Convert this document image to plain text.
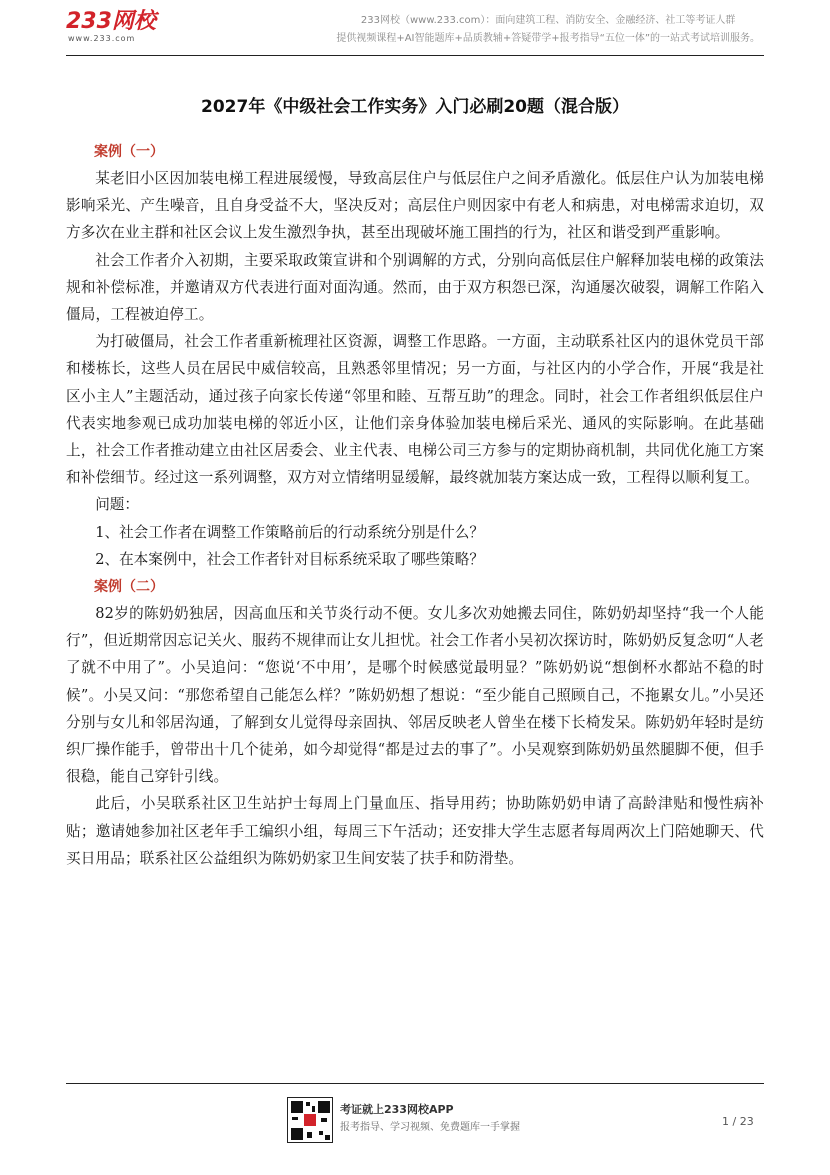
233网校
www.233.com
233网校（www.233.com）：面向建筑工程、消防安全、金融经济、社工等考证人群
提供视频课程+AI智能题库+品质教辅+答疑带学+报考指导“五位一体”的一站式考试培训服务。
2027年《中级社会工作实务》入门必刷20题（混合版）
案例（一）

某老旧小区因加装电梯工程进展缓慢，导致高层住户与低层住户之间矛盾激化。低层住户认为加装电梯影响采光、产生噪音，且自身受益不大，坚决反对；高层住户则因家中有老人和病患，对电梯需求迫切，双方多次在业主群和社区会议上发生激烈争执，甚至出现破坏施工围挡的行为，社区和谐受到严重影响。

社会工作者介入初期，主要采取政策宣讲和个别调解的方式，分别向高低层住户解释加装电梯的政策法规和补偿标准，并邀请双方代表进行面对面沟通。然而，由于双方积怨已深，沟通屡次破裂，调解工作陷入僵局，工程被迫停工。

为打破僵局，社会工作者重新梳理社区资源，调整工作思路。一方面，主动联系社区内的退休党员干部和楼栋长，这些人员在居民中威信较高，且熟悉邻里情况；另一方面，与社区内的小学合作，开展“我是社区小主人”主题活动，通过孩子向家长传递“邻里和睦、互帮互助”的理念。同时，社会工作者组织低层住户代表实地参观已成功加装电梯的邻近小区，让他们亲身体验加装电梯后采光、通风的实际影响。在此基础上，社会工作者推动建立由社区居委会、业主代表、电梯公司三方参与的定期协商机制，共同优化施工方案和补偿细节。经过这一系列调整，双方对立情绪明显缓解，最终就加装方案达成一致，工程得以顺利复工。

问题：

1、社会工作者在调整工作策略前后的行动系统分别是什么？

2、在本案例中，社会工作者针对目标系统采取了哪些策略？

案例（二）

82岁的陈奶奶独居，因高血压和关节炎行动不便。女儿多次劝她搬去同住，陈奶奶却坚持“我一个人能行”，但近期常因忘记关火、服药不规律而让女儿担忧。社会工作者小吴初次探访时，陈奶奶反复念叨“人老了就不中用了”。小吴追问：“您说‘不中用’，是哪个时候感觉最明显？”陈奶奶说“想倒杯水都站不稳的时候”。小吴又问：“那您希望自己能怎么样？”陈奶奶想了想说：“至少能自己照顾自己，不拖累女儿。”小吴还分别与女儿和邻居沟通，了解到女儿觉得母亲固执、邻居反映老人曾坐在楼下长椅发呆。陈奶奶年轻时是纺织厂操作能手，曾带出十几个徒弟，如今却觉得“都是过去的事了”。小吴观察到陈奶奶虽然腿脚不便，但手很稳，能自己穿针引线。

此后，小吴联系社区卫生站护士每周上门量血压、指导用药；协助陈奶奶申请了高龄津贴和慢性病补贴；邀请她参加社区老年手工编织小组，每周三下午活动；还安排大学生志愿者每周两次上门陪她聊天、代买日用品；联系社区公益组织为陈奶奶家卫生间安装了扶手和防滑垫。

考证就上233网校APP
报考指导、学习视频、免费题库一手掌握	1 / 23
